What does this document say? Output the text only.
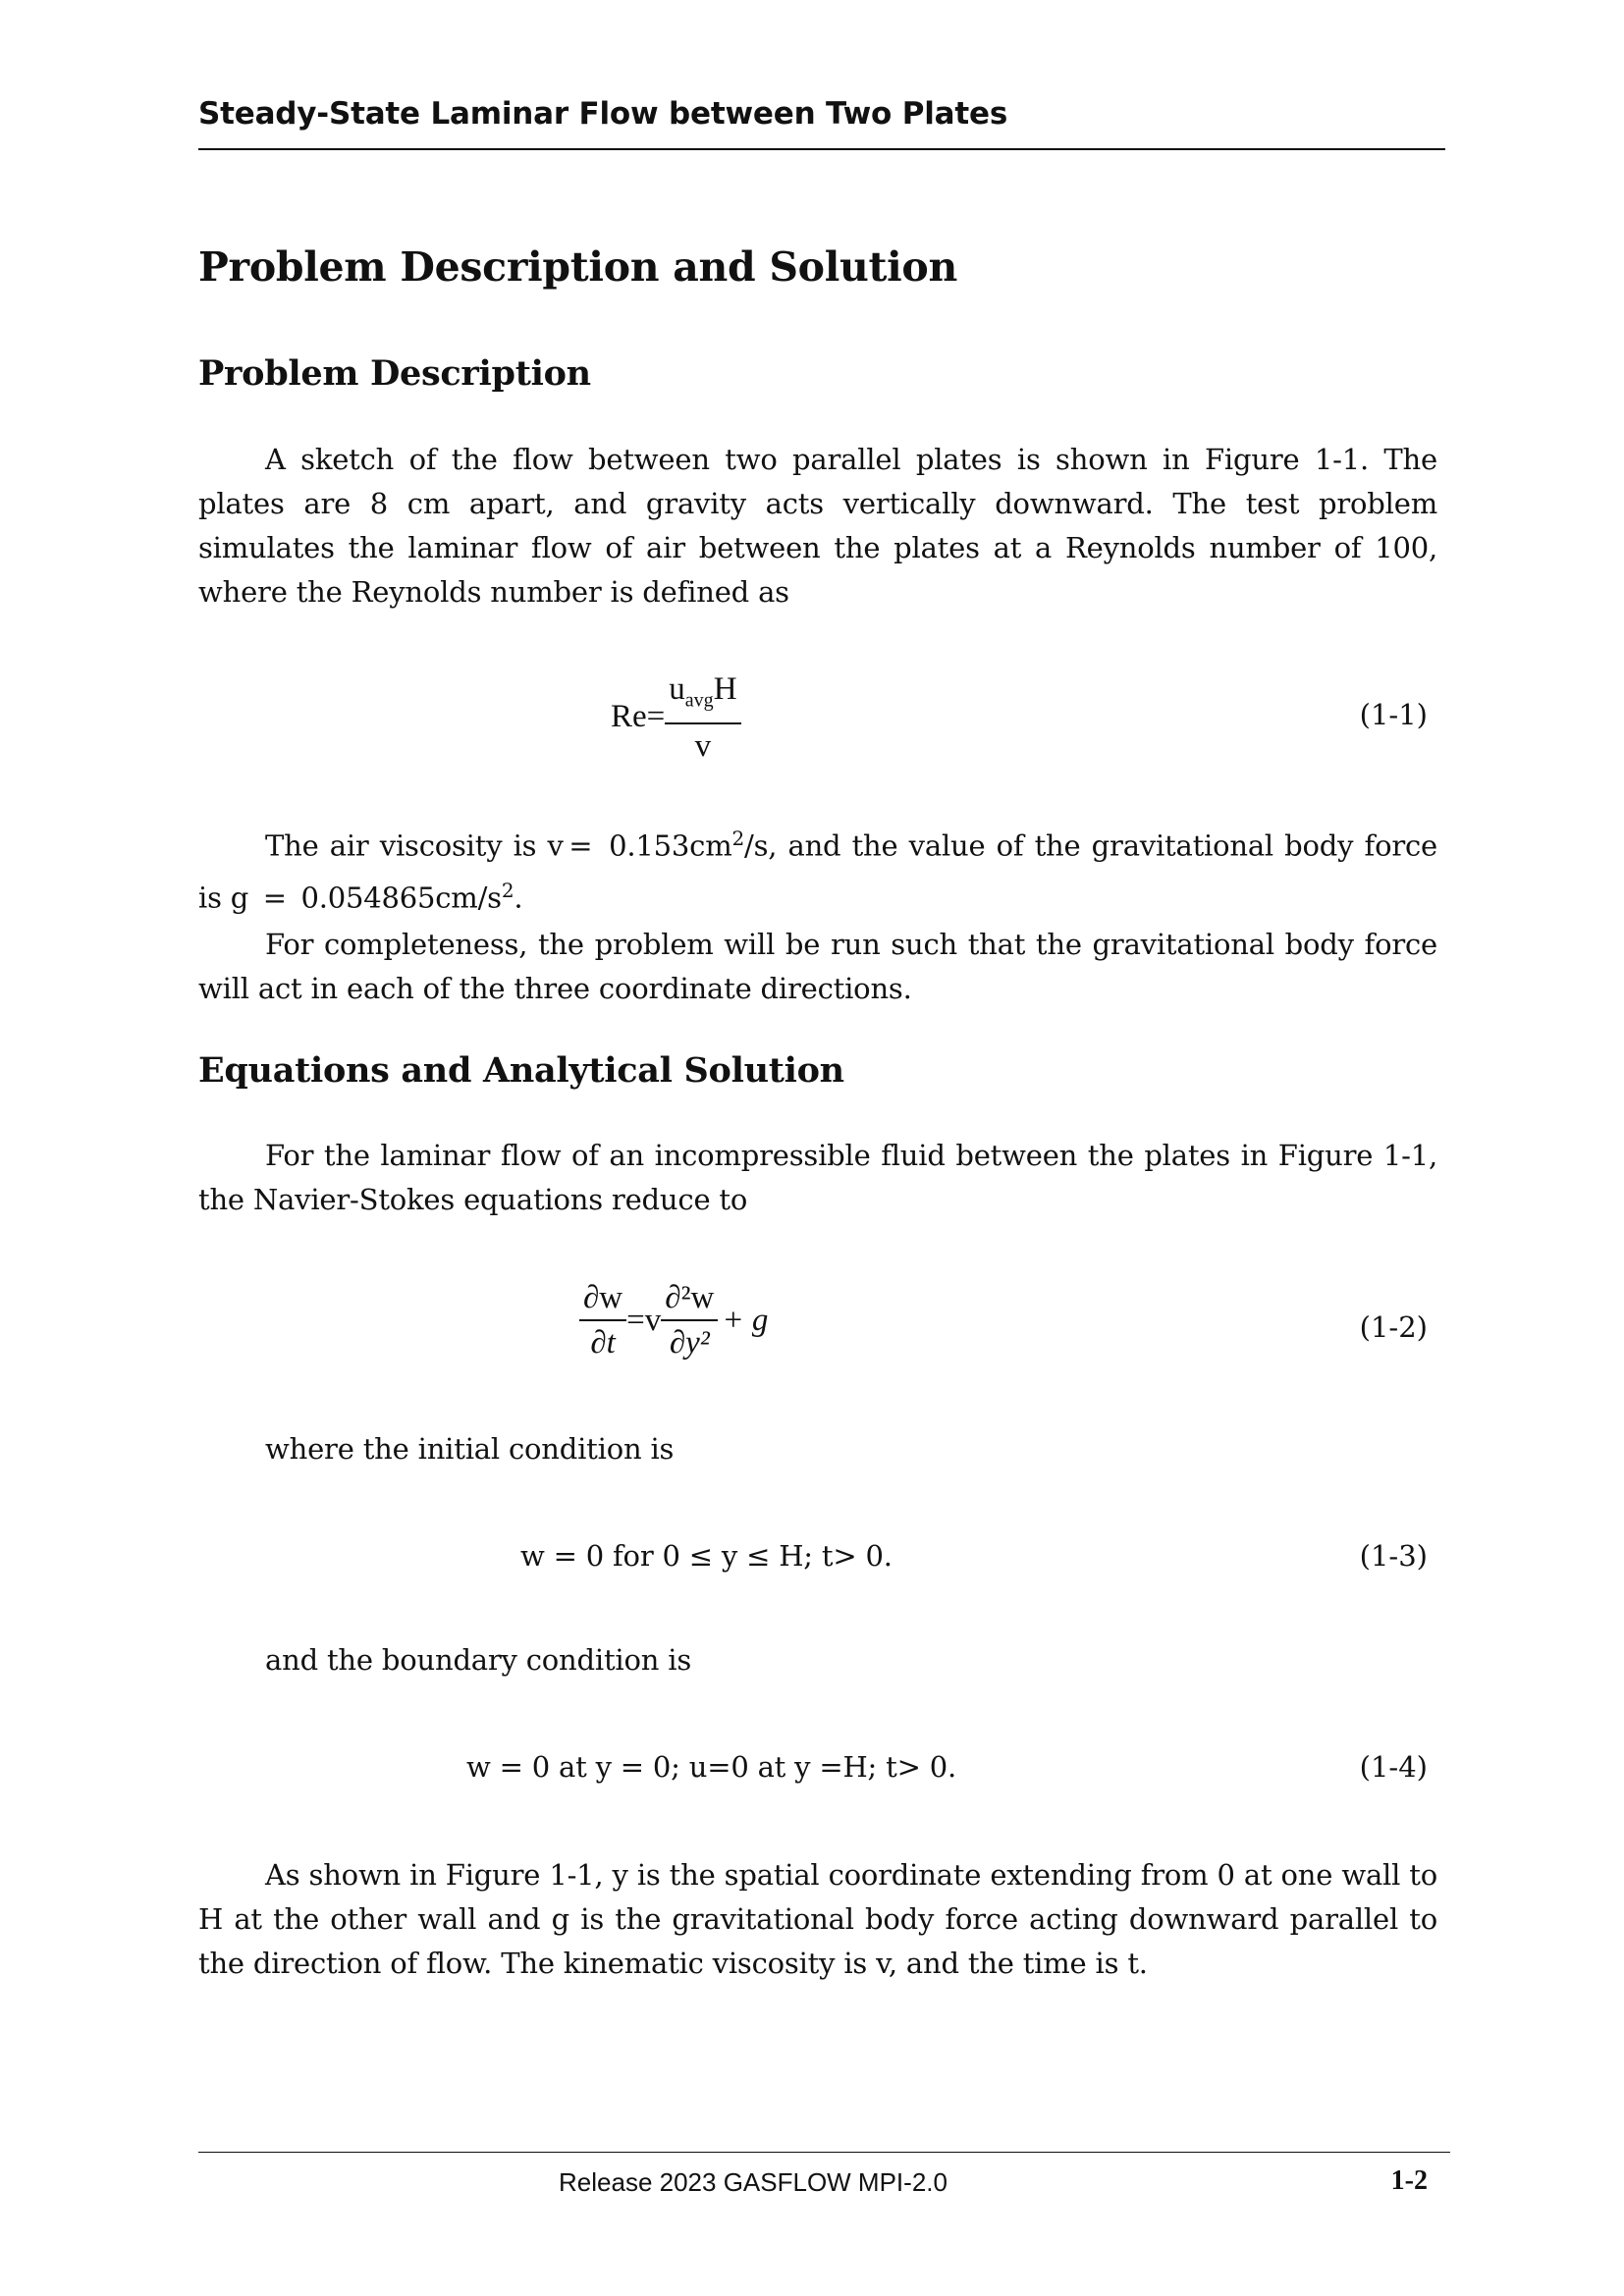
Steady-State Laminar Flow between Two Plates
Problem Description and Solution
Problem Description
A sketch of the flow between two parallel plates is shown in Figure 1-1. The plates are 8 cm apart, and gravity acts vertically downward. The test problem simulates the laminar flow of air between the plates at a Reynolds number of 100, where the Reynolds number is defined as
$Re = \frac{u_{avg}H}{v}$	(1-1)
The air viscosity is $v = 0.153cm^2/s$, and the value of the gravitational body force is $g = 0.054865cm/s^2$.
For completeness, the problem will be run such that the gravitational body force will act in each of the three coordinate directions.
Equations and Analytical Solution
For the laminar flow of an incompressible fluid between the plates in Figure 1-1, the Navier-Stokes equations reduce to
$\frac{\partial w}{\partial t} =v \frac{\text{∂²w}}{\text{∂y²}} + g$	(1-2)
where the initial condition is
w = 0 for 0 ≤ y ≤ H; t> 0.	(1-3)
and the boundary condition is
w = 0 at y = 0; u=0 at y =H; t> 0.	(1-4)
As shown in Figure 1-1, y is the spatial coordinate extending from 0 at one wall to H at the other wall and g is the gravitational body force acting downward parallel to the direction of flow. The kinematic viscosity is v, and the time is t.
Release 2023 GASFLOW MPI-2.0	1-2
